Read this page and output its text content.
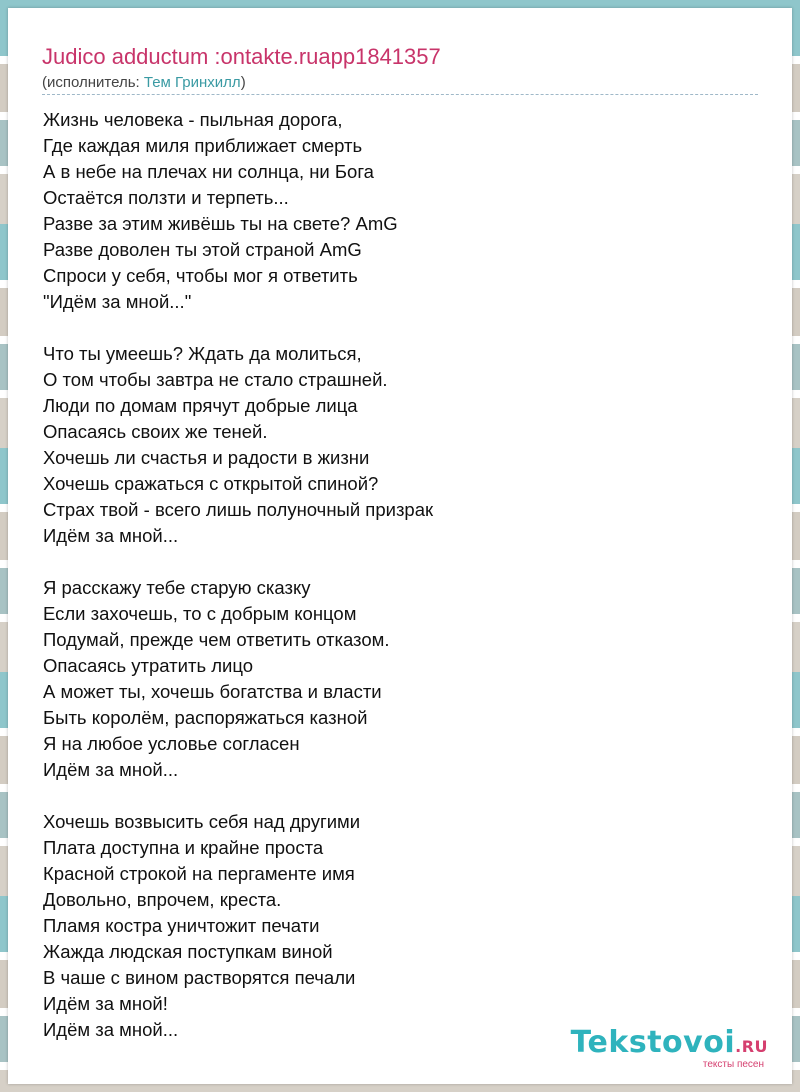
Judico adductum :ontakte.ruapp1841357
(исполнитель: Тем Гринхилл)
Жизнь человека - пыльная дорога,
Где каждая миля приближает смерть
А в небе на плечах ни солнца, ни Бога
Остаётся ползти и терпеть...
Разве за этим живёшь ты на свете? AmG
Разве доволен ты этой страной AmG
Спроси у себя, чтобы мог я ответить
"Идём за мной..."
Что ты умеешь? Ждать да молиться,
О том чтобы завтра не стало страшней.
Люди по домам прячут добрые лица
Опасаясь своих же теней.
Хочешь ли счастья и радости в жизни
Хочешь сражаться с открытой спиной?
Страх твой - всего лишь полуночный призрак
Идём за мной...
Я расскажу тебе старую сказку
Если захочешь, то с добрым концом
Подумай, прежде чем ответить отказом.
Опасаясь утратить лицо
А может ты, хочешь богатства и власти
Быть королём, распоряжаться казной
Я на любое условье согласен
Идём за мной...
Хочешь возвысить себя над другими
Плата доступна и крайне проста
Красной строкой на пергаменте имя
Довольно, впрочем, креста.
Пламя костра уничтожит печати
Жажда людская поступкам виной
В чаше с вином растворятся печали
Идём за мной!
Идём за мной...	Tekstovoi.RU
тексты песен
